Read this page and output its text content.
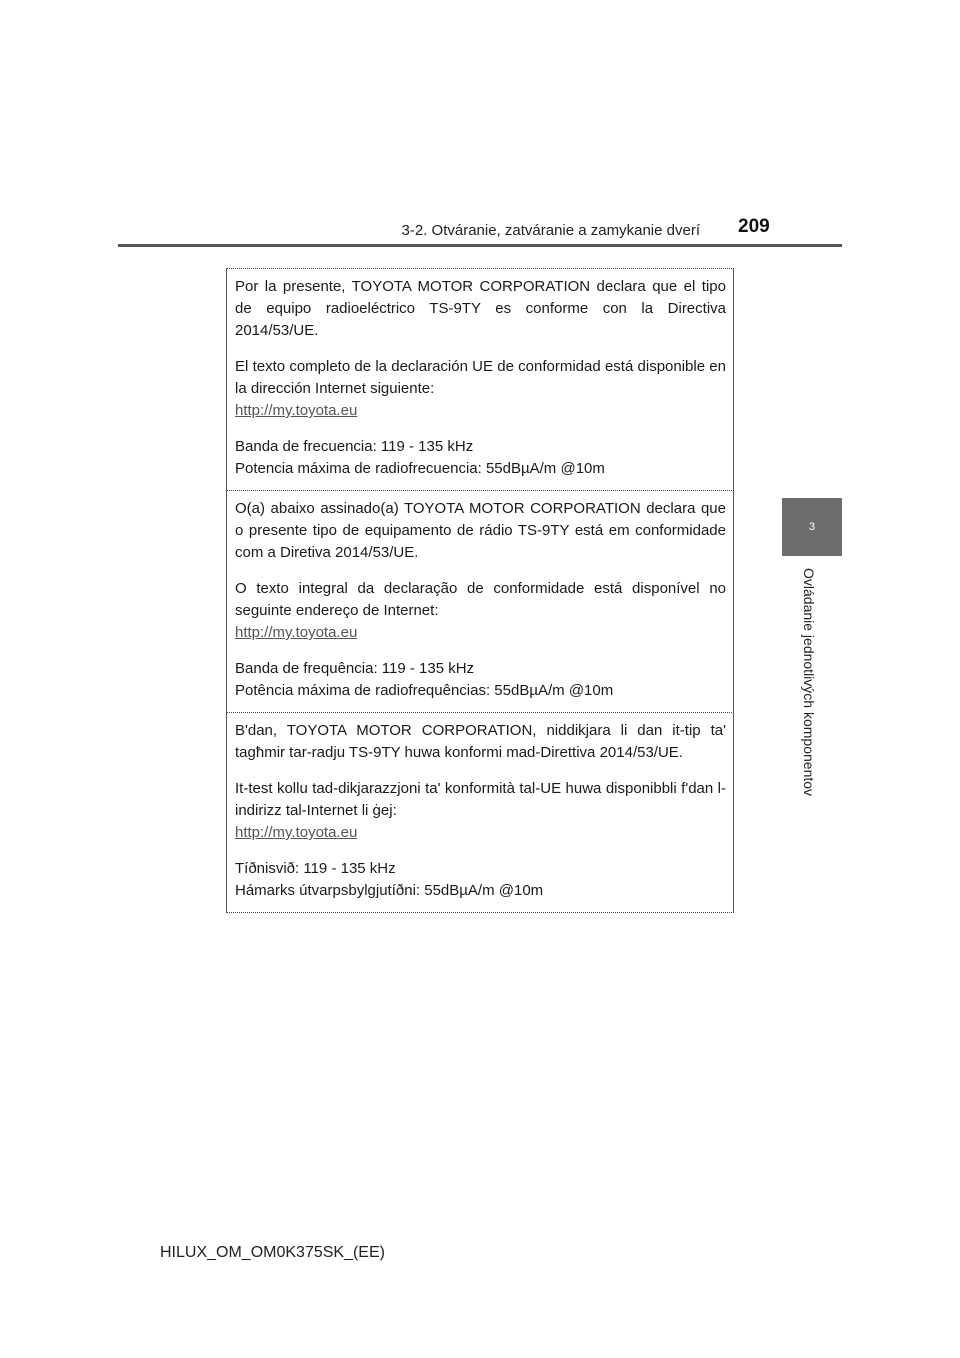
3-2. Otváranie, zatváranie a zamykanie dverí 209
3
Ovládanie jednotlivých komponentov

Por la presente, TOYOTA MOTOR CORPORATION declara que el tipo de equipo radioeléctrico TS-9TY es conforme con la Directiva 2014/53/UE.

El texto completo de la declaración UE de conformidad está disponible en la dirección Internet siguiente:
http://my.toyota.eu

Banda de frecuencia: 119 - 135 kHz
Potencia máxima de radiofrecuencia: 55dBµA/m @10m

O(a) abaixo assinado(a) TOYOTA MOTOR CORPORATION declara que o presente tipo de equipamento de rádio TS-9TY está em conformidade com a Diretiva 2014/53/UE.

O texto integral da declaração de conformidade está disponível no seguinte endereço de Internet:
http://my.toyota.eu

Banda de frequência: 119 - 135 kHz
Potência máxima de radiofrequências: 55dBµA/m @10m

B'dan, TOYOTA MOTOR CORPORATION, niddikjara li dan it-tip ta' tagħmir tar-radju TS-9TY huwa konformi mad-Direttiva 2014/53/UE.

It-test kollu tad-dikjarazzjoni ta' konformità tal-UE huwa disponibbli f'dan l-indirizz tal-Internet li ġej:
http://my.toyota.eu

Tíðnisvið: 119 - 135 kHz
Hámarks útvarpsbylgjutíðni: 55dBµA/m @10m

HILUX_OM_OM0K375SK_(EE)
